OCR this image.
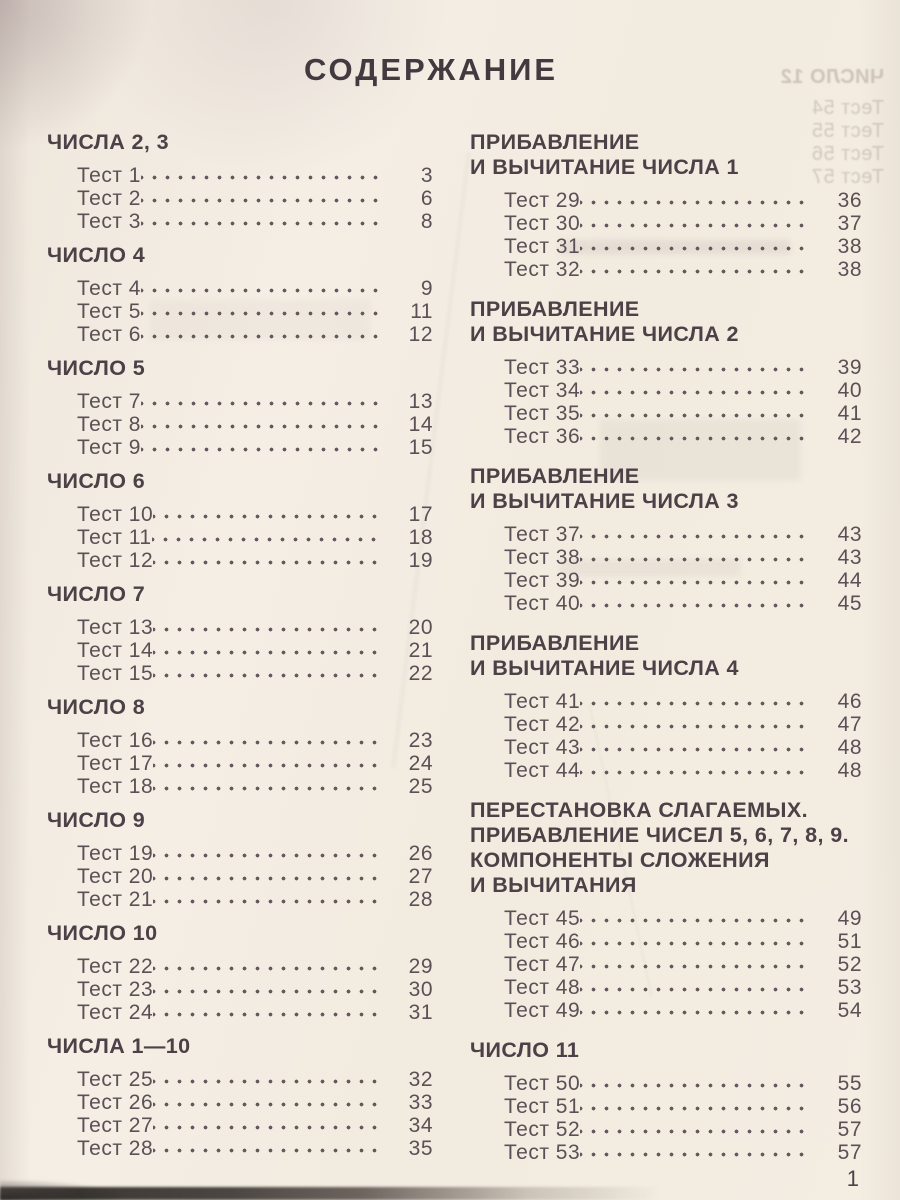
ЧИСЛО 12
Тест 54
Тест 55
Тест 56
Тест 57
СОДЕРЖАНИЕ
ЧИСЛА 2, 3
Тест 1	3
Тест 2	6
Тест 3	8
ЧИСЛО 4
Тест 4	9
Тест 5	11
Тест 6	12
ЧИСЛО 5
Тест 7	13
Тест 8	14
Тест 9	15
ЧИСЛО 6
Тест 10	17
Тест 11	18
Тест 12	19
ЧИСЛО 7
Тест 13	20
Тест 14	21
Тест 15	22
ЧИСЛО 8
Тест 16	23
Тест 17	24
Тест 18	25
ЧИСЛО 9
Тест 19	26
Тест 20	27
Тест 21	28
ЧИСЛО 10
Тест 22	29
Тест 23	30
Тест 24	31
ЧИСЛА 1—10
Тест 25	32
Тест 26	33
Тест 27	34
Тест 28	35
ПРИБАВЛЕНИЕ
И ВЫЧИТАНИЕ ЧИСЛА 1
Тест 29	36
Тест 30	37
Тест 31	38
Тест 32	38
ПРИБАВЛЕНИЕ
И ВЫЧИТАНИЕ ЧИСЛА 2
Тест 33	39
Тест 34	40
Тест 35	41
Тест 36	42
ПРИБАВЛЕНИЕ
И ВЫЧИТАНИЕ ЧИСЛА 3
Тест 37	43
Тест 38	43
Тест 39	44
Тест 40	45
ПРИБАВЛЕНИЕ
И ВЫЧИТАНИЕ ЧИСЛА 4
Тест 41	46
Тест 42	47
Тест 43	48
Тест 44	48
ПЕРЕСТАНОВКА СЛАГАЕМЫХ.
ПРИБАВЛЕНИЕ ЧИСЕЛ 5, 6, 7, 8, 9.
КОМПОНЕНТЫ СЛОЖЕНИЯ
И ВЫЧИТАНИЯ
Тест 45	49
Тест 46	51
Тест 47	52
Тест 48	53
Тест 49	54
ЧИСЛО 11
Тест 50	55
Тест 51	56
Тест 52	57
Тест 53	57
1
